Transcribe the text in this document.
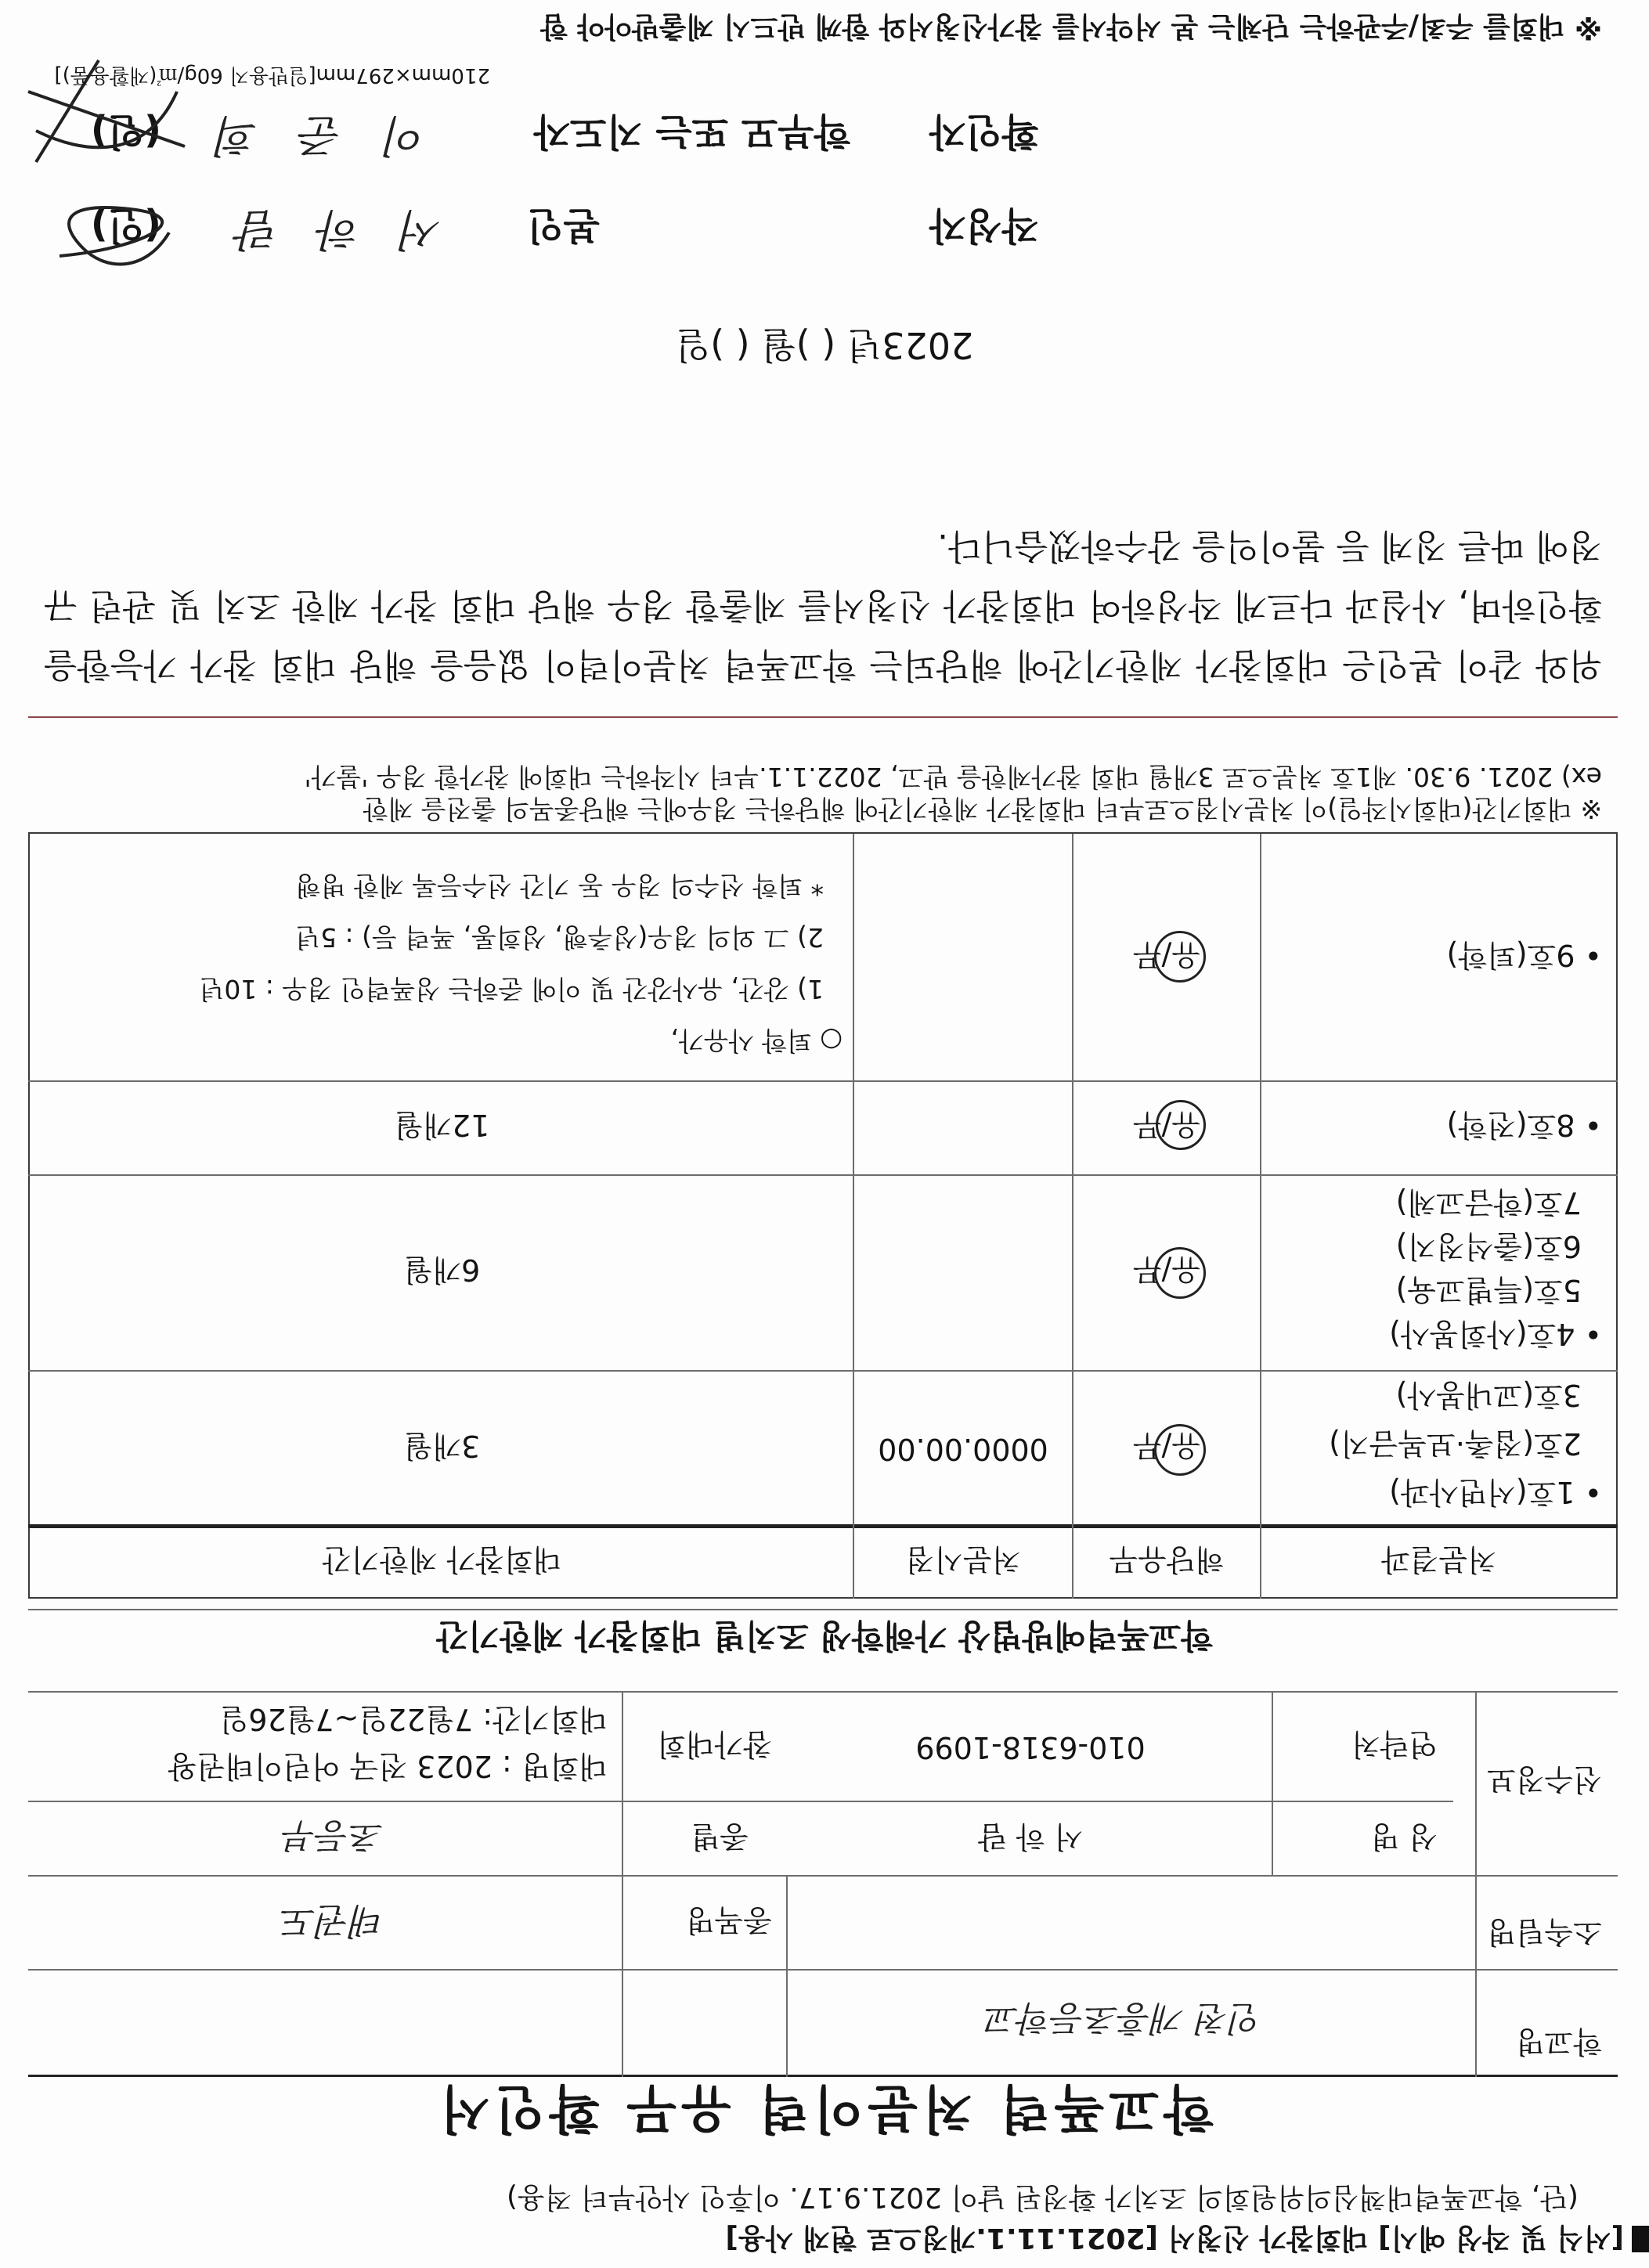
[서식 및 작성 예시] 대회참가 신청서 [2021.11.1.개정으로 현재 사용]
(단, 학교폭력대책심의위원회의 조치가 확정된 날이 2021.9.17. 이후인 사안부터 적용)
학교폭력 처분이력 유무 확인서
학교명
소속팀명
인천 개흥초등학교
종목명
태권도
선수정보
성 명
서 하 람
종별
초등부
연락처
010-6318-1099
참가대회
대회명 : 2023 전국 어린이태권왕
대회기간: 7월22일~7월26일
학교폭력예방법상 가해학생 조치별 대회참가 제한기간
처분결과
해당유무
처분시점
대회참가 제한기간
• 1호(서면사과)
2호(접촉·보복금지)
3호(교내봉사)
유/무
0000.00.00
3개월
• 4호(사회봉사)
5호(특별교육)
6호(출석정지)
7호(학급교체)
유/무
6개월
• 8호(전학)
유/무
12개월
• 9호(퇴학)
유/무
○ 퇴학 사유가,
1) 강간, 유사강간 및 이에 준하는 성폭력인 경우 : 10년
2) 그 외의 경우(성추행, 성희롱, 폭력 등) : 5년
* 퇴학 선수의 경우 동 기간 선수등록 제한 병행
※ 대회기간(대회시작일)이 처분시점으로부터 대회참가 제한기간에 해당하는 경우에는 해당종목의 출전을 제한
ex) 2021. 9.30. 제1호 처분으로 3개월 대회 참가제한을 받고, 2022.1.1.부터 시작하는 대회에 참가할 경우 '불가'
위와 같이 본인은 대회참가 제한기간에 해당되는 학교폭력 처분이력이 없음을 해당 대회 참가 가능함을 확인하며, 사실과 다르게 작성하여 대회참가 신청서를 제출할 경우 해당 대회 참가 제한 조치 및 관련 규정에 따른 징계 등 불이익을 감수하겠습니다.
2023년 ( )월 ( )일
작성자
본인
서 하 람
(인)
확인자
학부모 또는 지도자
이 준 희
(인)
210mm×297mm[일반용지 60g/㎡(재활용품)]
※ 대회를 주최/주관하는 단체는 본 서약서를 참가신청서와 함께 반드시 제출받아야 함
